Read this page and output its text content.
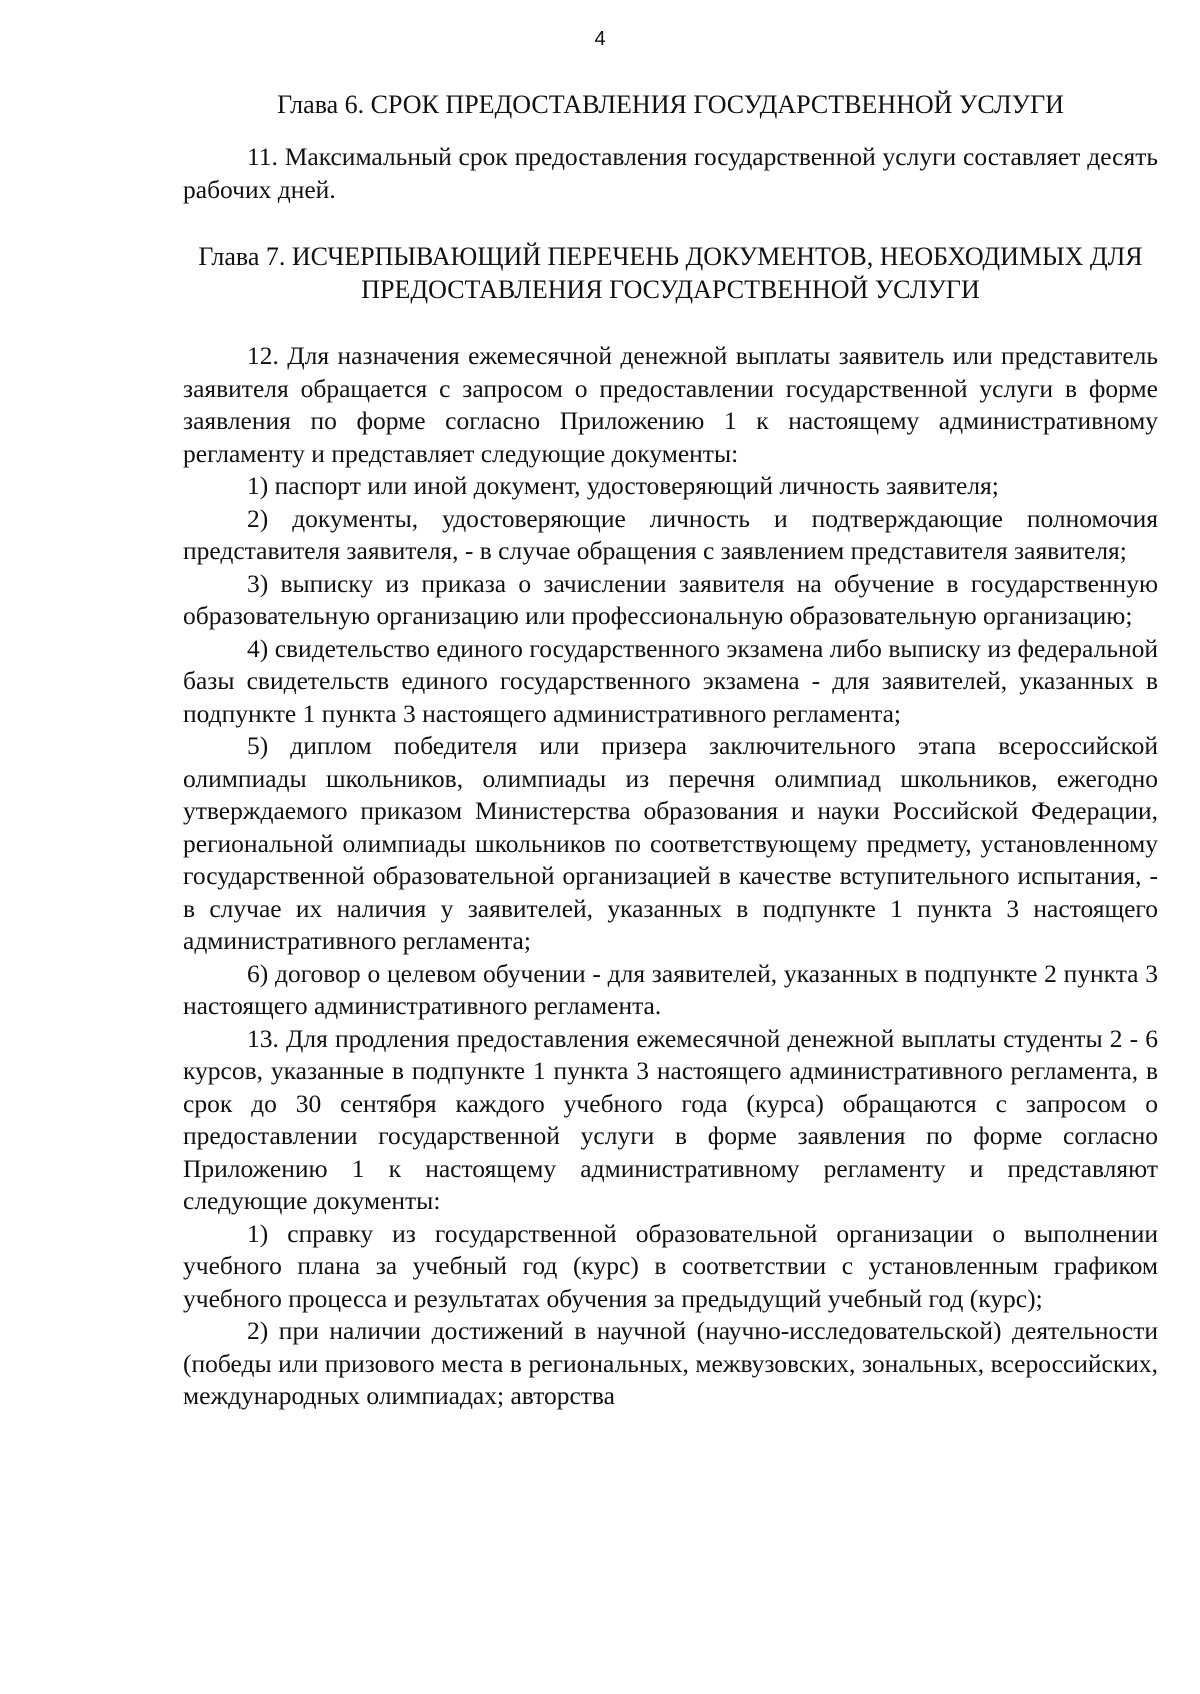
4
Глава 6. СРОК ПРЕДОСТАВЛЕНИЯ ГОСУДАРСТВЕННОЙ УСЛУГИ

11. Максимальный срок предоставления государственной услуги составляет десять рабочих дней.

Глава 7. ИСЧЕРПЫВАЮЩИЙ ПЕРЕЧЕНЬ ДОКУМЕНТОВ, НЕОБХОДИМЫХ ДЛЯ ПРЕДОСТАВЛЕНИЯ ГОСУДАРСТВЕННОЙ УСЛУГИ

12. Для назначения ежемесячной денежной выплаты заявитель или представитель заявителя обращается с запросом о предоставлении государственной услуги в форме заявления по форме согласно Приложению 1 к настоящему административному регламенту и представляет следующие документы:

1) паспорт или иной документ, удостоверяющий личность заявителя;

2) документы, удостоверяющие личность и подтверждающие полномочия представителя заявителя, - в случае обращения с заявлением представителя заявителя;

3) выписку из приказа о зачислении заявителя на обучение в государственную образовательную организацию или профессиональную образовательную организацию;

4) свидетельство единого государственного экзамена либо выписку из федеральной базы свидетельств единого государственного экзамена - для заявителей, указанных в подпункте 1 пункта 3 настоящего административного регламента;

5) диплом победителя или призера заключительного этапа всероссийской олимпиады школьников, олимпиады из перечня олимпиад школьников, ежегодно утверждаемого приказом Министерства образования и науки Российской Федерации, региональной олимпиады школьников по соответствующему предмету, установленному государственной образовательной организацией в качестве вступительного испытания, - в случае их наличия у заявителей, указанных в подпункте 1 пункта 3 настоящего административного регламента;

6) договор о целевом обучении - для заявителей, указанных в подпункте 2 пункта 3 настоящего административного регламента.

13. Для продления предоставления ежемесячной денежной выплаты студенты 2 - 6 курсов, указанные в подпункте 1 пункта 3 настоящего административного регламента, в срок до 30 сентября каждого учебного года (курса) обращаются с запросом о предоставлении государственной услуги в форме заявления по форме согласно Приложению 1 к настоящему административному регламенту и представляют следующие документы:

1) справку из государственной образовательной организации о выполнении учебного плана за учебный год (курс) в соответствии с установленным графиком учебного процесса и результатах обучения за предыдущий учебный год (курс);

2) при наличии достижений в научной (научно-исследовательской) деятельности (победы или призового места в региональных, межвузовских, зональных, всероссийских, международных олимпиадах; авторства
